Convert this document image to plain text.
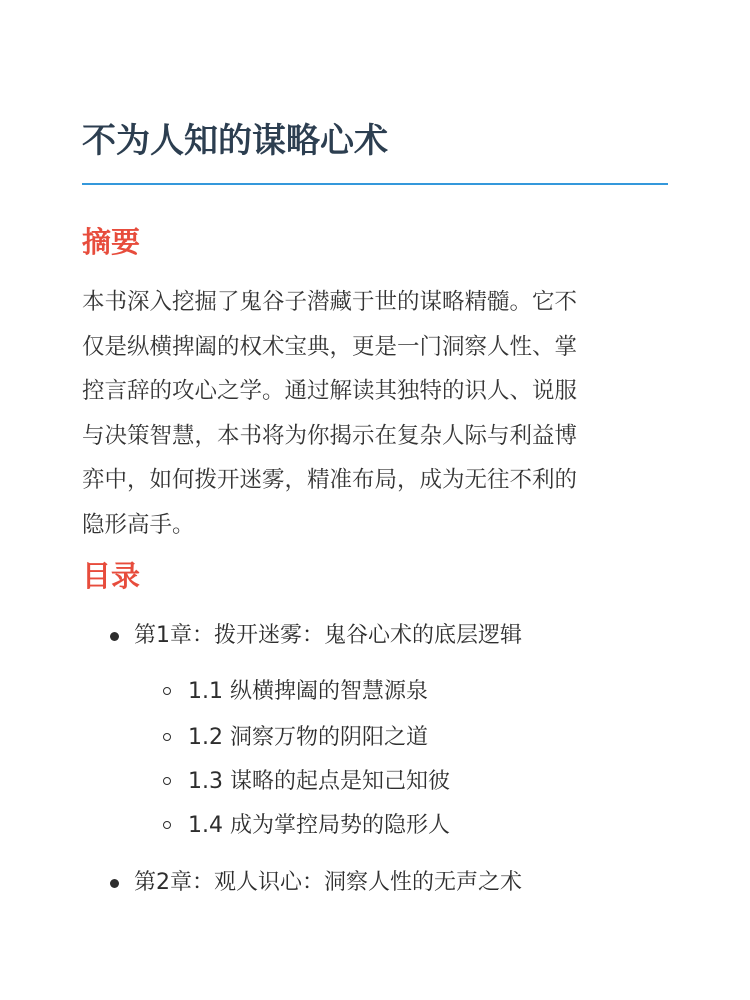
不为人知的谋略心术
摘要

本书深入挖掘了鬼谷子潜藏于世的谋略精髓。它不
仅是纵横捭阖的权术宝典，更是一门洞察人性、掌
控言辞的攻心之学。通过解读其独特的识人、说服
与决策智慧，本书将为你揭示在复杂人际与利益博
弈中，如何拨开迷雾，精准布局，成为无往不利的
隐形高手。

目录
第1章：拨开迷雾：鬼谷心术的底层逻辑
1.1 纵横捭阖的智慧源泉
1.2 洞察万物的阴阳之道
1.3 谋略的起点是知己知彼
1.4 成为掌控局势的隐形人
第2章：观人识心：洞察人性的无声之术
